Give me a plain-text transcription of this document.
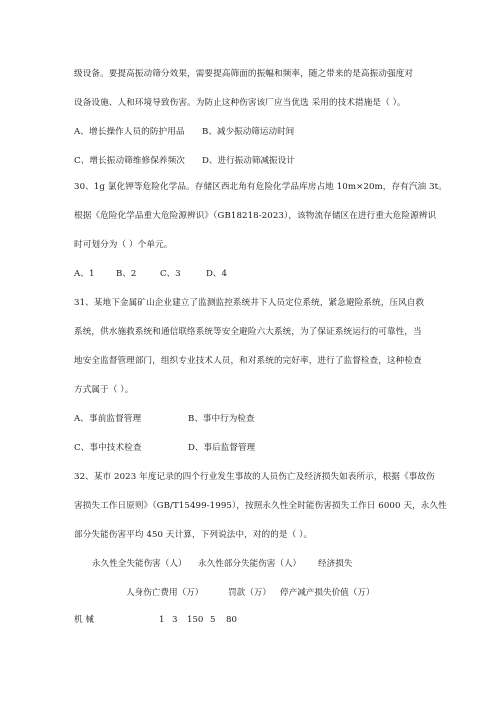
级设备。要提高振动筛分效果，需要提高筛面的振幅和频率，随之带来的是高振动强度对
设备设施、人和环境导致伤害。为防止这种伤害该厂应当优选 采用的技术措施是（ ）。
A、增长操作人员的防护用品 B、减少振动筛运动时间
C、增长振动筛维修保养频次 D、进行振动筛减振设计
30、1g 氯化钾等危险化学品。存储区西北角有危险化学品库房占地 10m×20m，存有汽油 3t。
根据《危险化学品重大危险源辨识》（GB18218-2023），该物流存储区在进行重大危险源辨识
时可划分为（ ）个单元。
A、1 B、2	C、3	D、4
31、某地下金属矿山企业建立了监测监控系统井下人员定位系统，紧急避险系统，压风自救
系统，供水施救系统和通信联络系统等安全避险六大系统，为了保证系统运行的可靠性，当
地安全监督管理部门，组织专业技术人员，和对系统的完好率，进行了监督检查，这种检查
方式属于（ ）。
A、事前监督管理	B、事中行为检查
C、事中技术检查	D、事后监督管理
32、某市 2023 年度记录的四个行业发生事故的人员伤亡及经济损失如表所示，根据《事故伤
害损失工作日原则》（GB/T15499-1995），按照永久性全时能伤害损失工作日 6000 天，永久性
部分失能伤害平均 450 天计算，下列说法中，对的的是（ ）。
永久性全失能伤害（人） 永久性部分失能伤害（人） 经济损失
人身伤亡费用（万）	罚款（万） 停产减产损失价值（万）
机 械	1 3 150 5 80
